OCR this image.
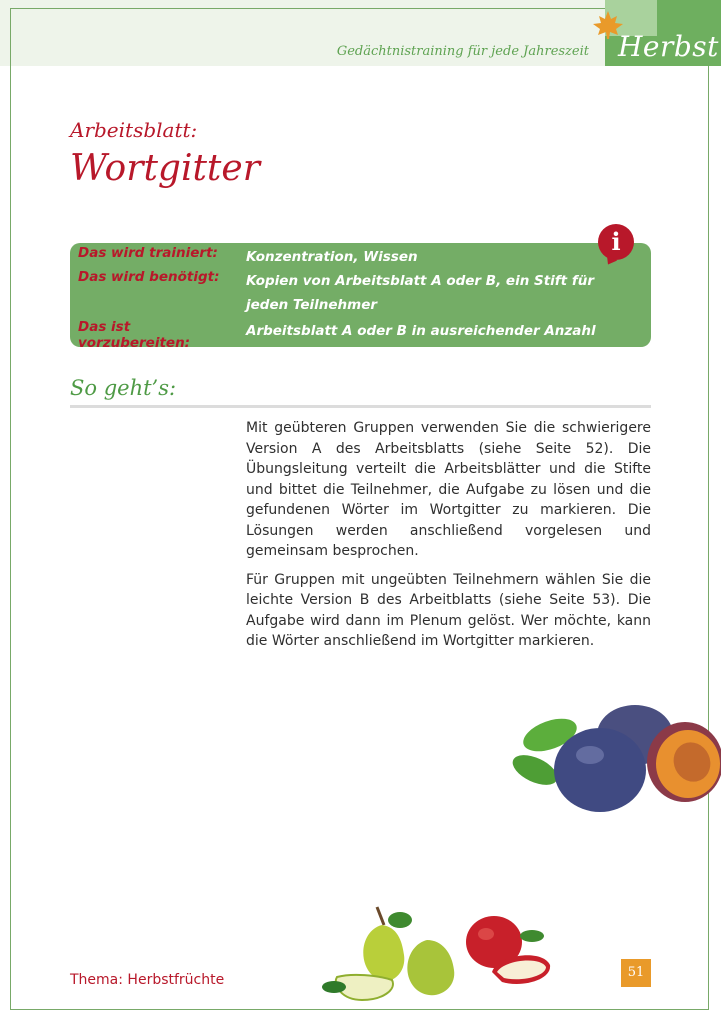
Gedächtnistraining für jede Jahreszeit Herbst
Arbeitsblatt:
Wortgitter
Das wird trainiert: Konzentration, Wissen
Das wird benötigt: Kopien von Arbeitsblatt A oder B, ein Stift für jeden Teilnehmer
Das ist vorzubereiten:Arbeitsblatt A oder B in ausreichender Anzahl kopieren
i
So geht’s:

Mit geübteren Gruppen verwenden Sie die schwierigere Version A des Arbeitsblatts (siehe Seite 52). Die Übungsleitung verteilt die Arbeitsblätter und die Stifte und bittet die Teilnehmer, die Aufgabe zu lösen und die gefundenen Wörter im Wortgitter zu markieren. Die Lösungen werden anschließend vorgelesen und gemeinsam besprochen.

Für Gruppen mit ungeübten Teilnehmern wählen Sie die leichte Version B des Arbeitblatts (siehe Seite 53). Die Aufgabe wird dann im Plenum gelöst. Wer möchte, kann die Wörter anschließend im Wortgitter markieren.

Thema: Herbstfrüchte	51
